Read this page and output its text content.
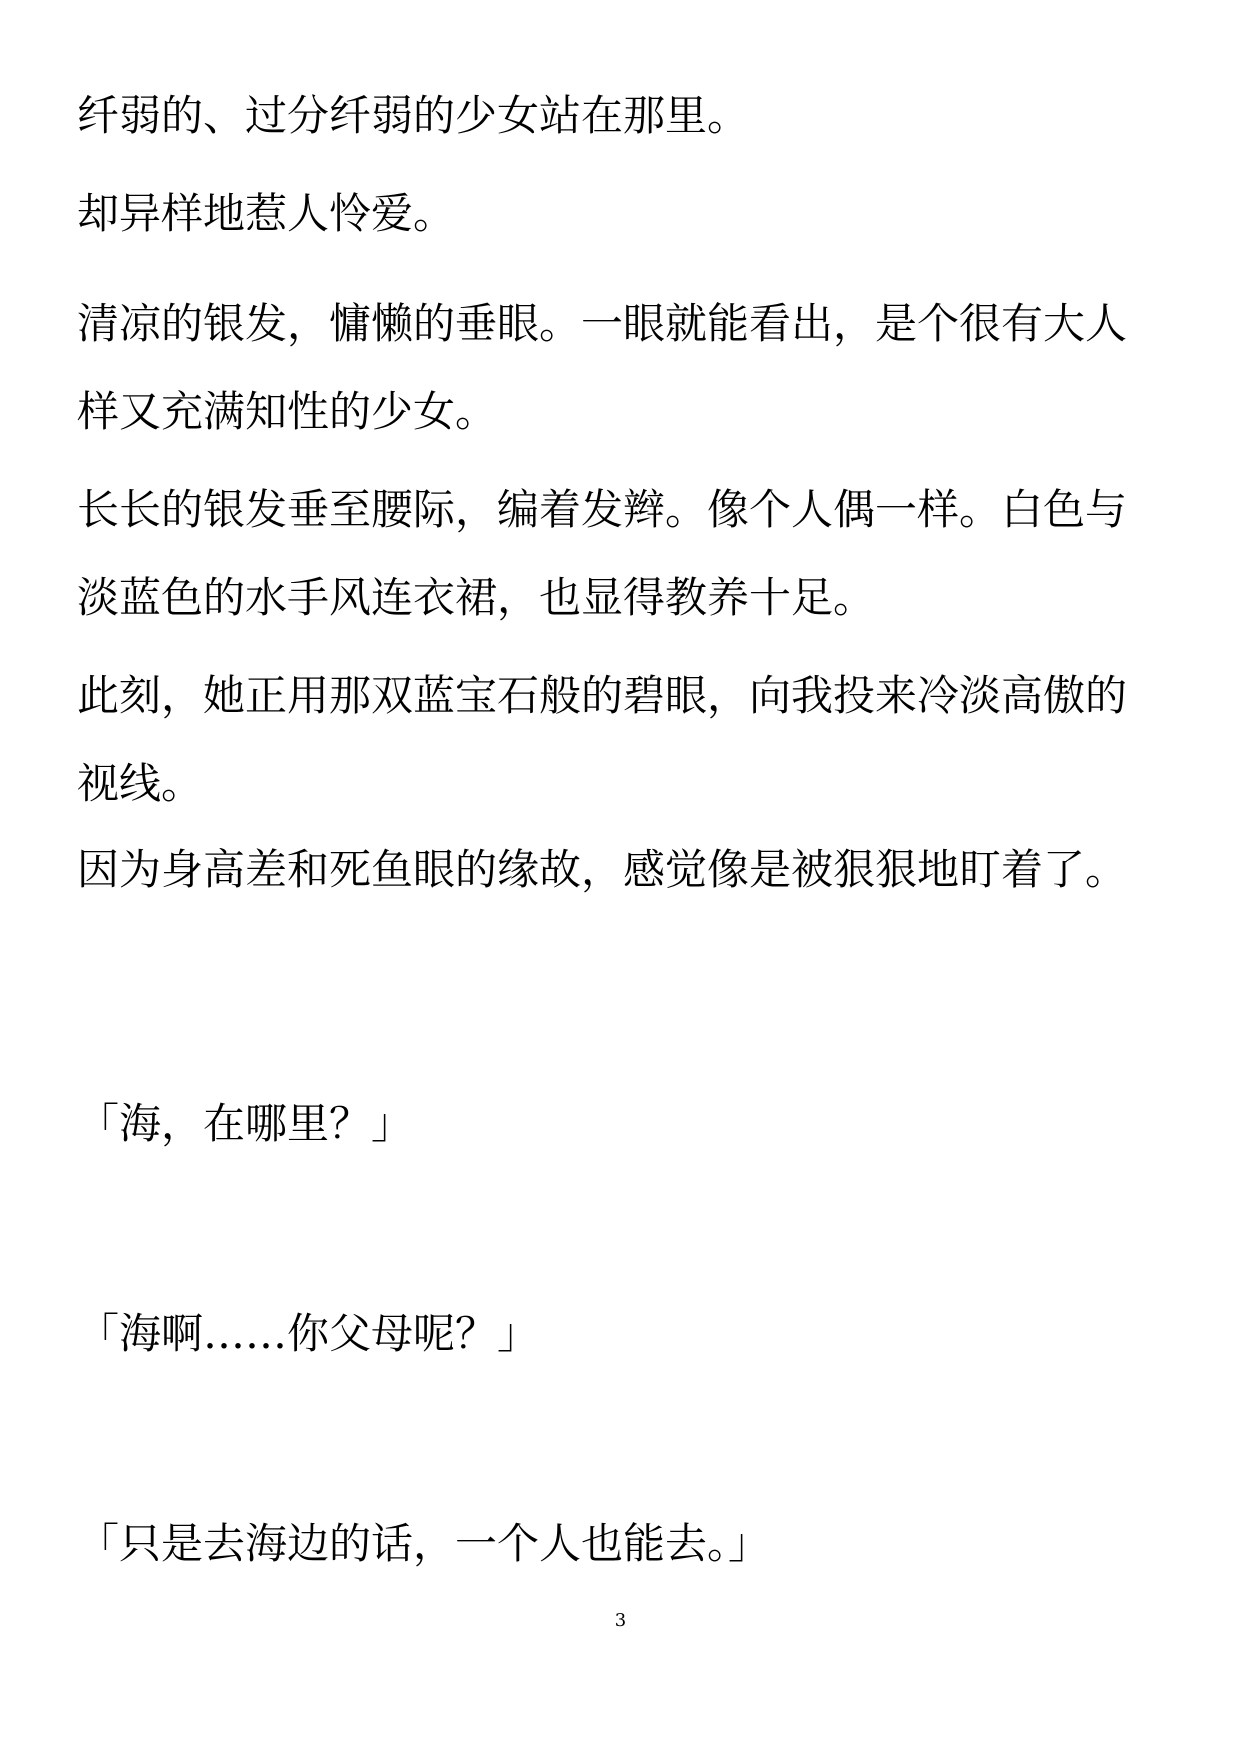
纤弱的、过分纤弱的少女站在那里。

却异样地惹人怜爱。

清凉的银发，慵懒的垂眼。一眼就能看出，是个很有大人样又充满知性的少女。

长长的银发垂至腰际，编着发辫。像个人偶一样。白色与淡蓝色的水手风连衣裙，也显得教养十足。

此刻，她正用那双蓝宝石般的碧眼，向我投来冷淡高傲的视线。

因为身高差和死鱼眼的缘故，感觉像是被狠狠地盯着了。

「海，在哪里？」

「海啊……你父母呢？」

「只是去海边的话，一个人也能去。」

3
